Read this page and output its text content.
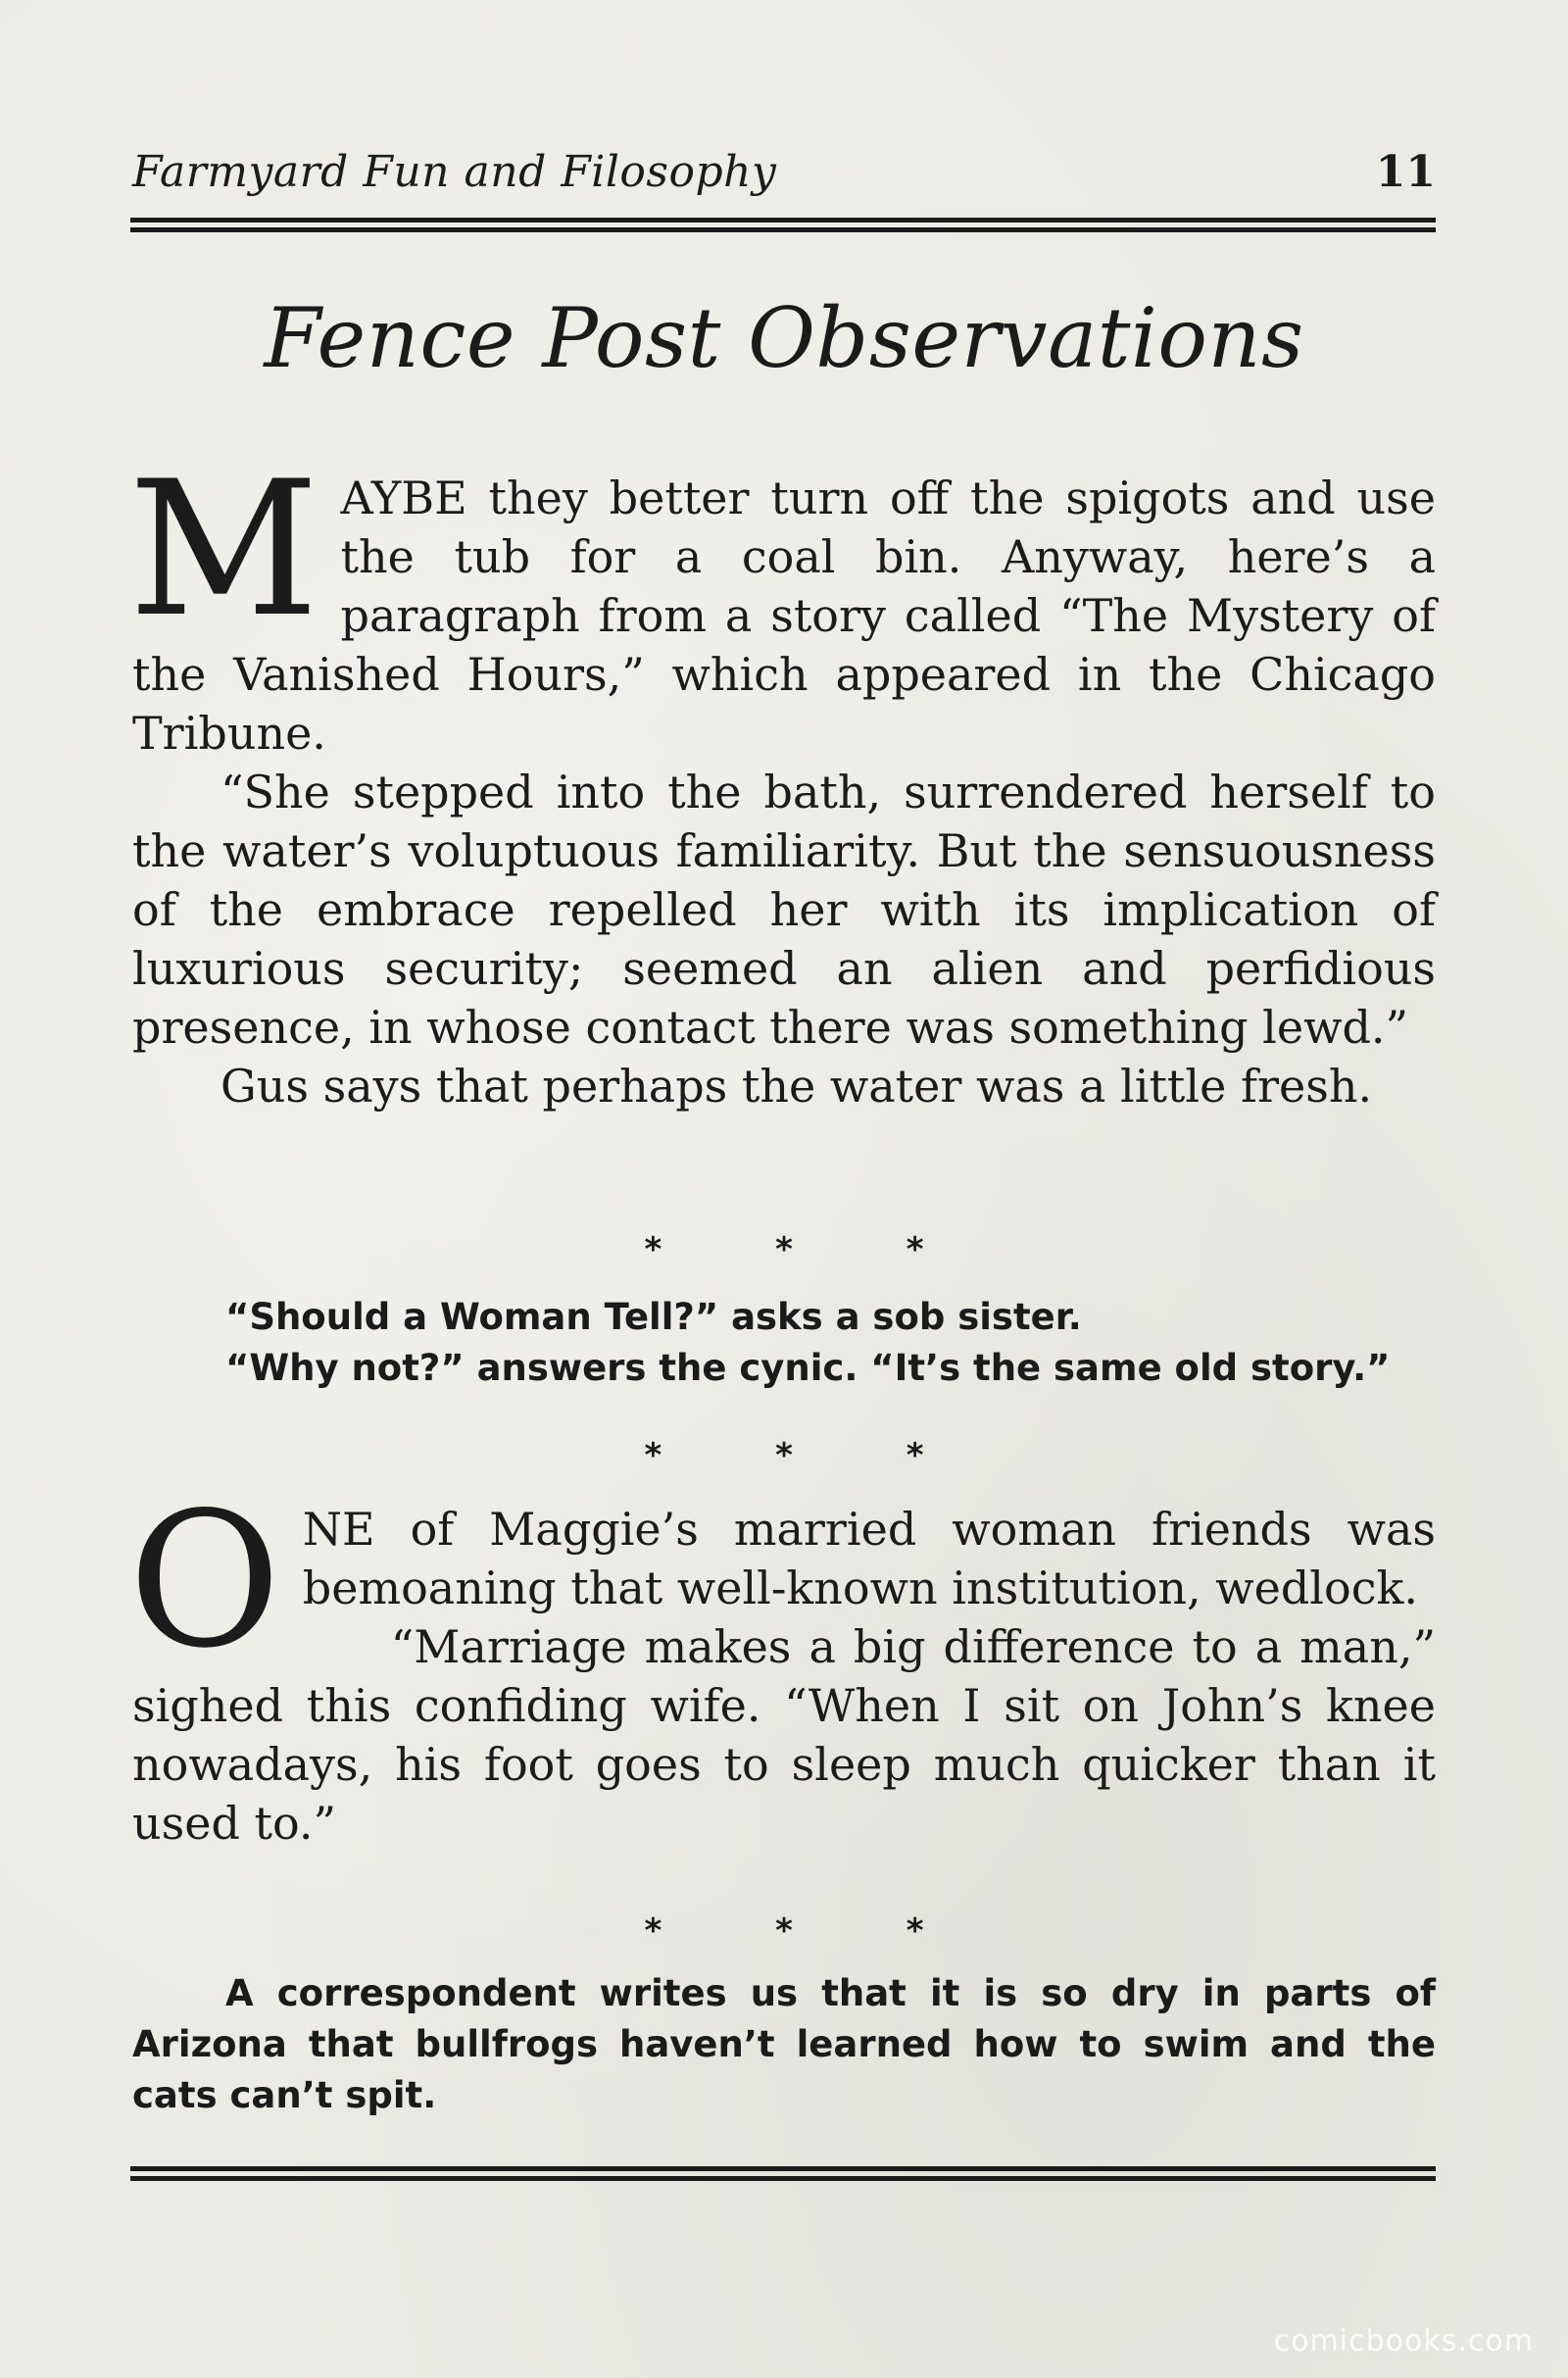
Farmyard Fun and Filosophy	11
Fence Post Observations

MAYBE they better turn off the spigots and use the tub for a coal bin. Anyway, here’s a paragraph from a story called “The Mystery of the Vanished Hours,” which appeared in the Chicago Tribune.

“She stepped into the bath, surrendered herself to the water’s voluptuous familiarity. But the sensuousness of the embrace repelled her with its implication of luxurious security; seemed an alien and perfidious presence, in whose contact there was something lewd.”

Gus says that perhaps the water was a little fresh.

* * *

“Should a Woman Tell?” asks a sob sister.

“Why not?” answers the cynic. “It’s the same old story.”

* * *

ONE of Maggie’s married woman friends was bemoaning that well-known institution, wedlock.

“Marriage makes a big difference to a man,” sighed this confiding wife. “When I sit on John’s knee nowadays, his foot goes to sleep much quicker than it used to.”

* * *

A correspondent writes us that it is so dry in parts of Arizona that bullfrogs haven’t learned how to swim and the cats can’t spit.

comicbooks.com
